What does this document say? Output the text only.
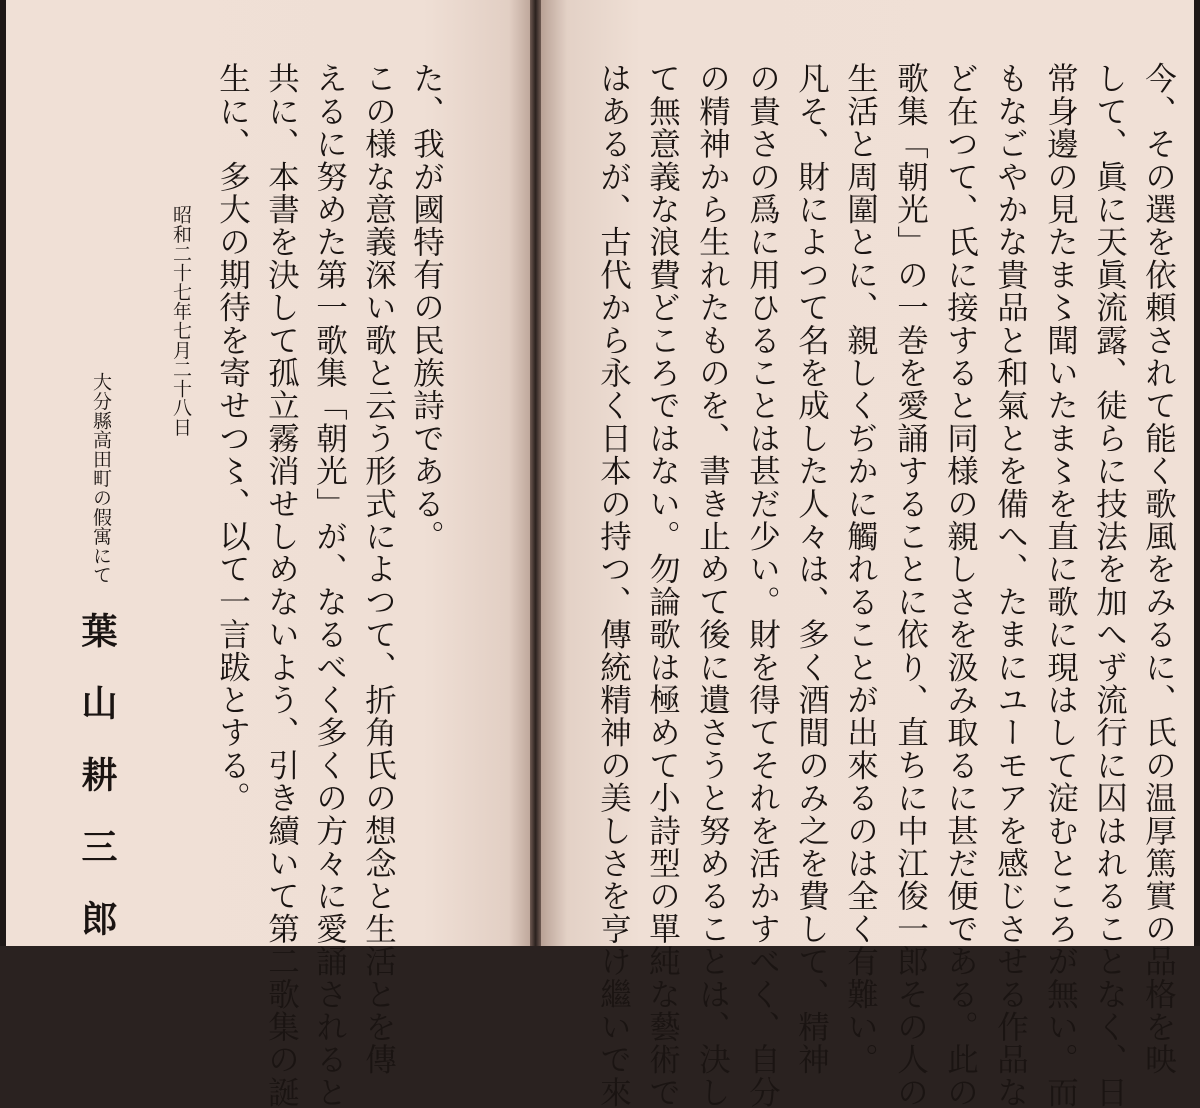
今、その選を依頼されて能く歌風をみるに、氏の温厚篤實の品格を映
して、眞に天眞流露、徒らに技法を加へず流行に囚はれることなく、日
常身邊の見たま〻聞いたま〻を直に歌に現はして淀むところが無い。而
もなごやかな貴品と和氣とを備へ、たまにユーモアを感じさせる作品な
ど在つて、氏に接すると同様の親しさを汲み取るに甚だ便である。此の
歌集「朝光」の一巻を愛誦することに依り、直ちに中江俊一郎その人の
生活と周圍とに、親しくぢかに觸れることが出來るのは全く有難い。
凡そ、財によつて名を成した人々は、多く酒間のみ之を費して、精神
の貴さの爲に用ひることは甚だ少い。財を得てそれを活かすべく、自分
の精神から生れたものを、書き止めて後に遺さうと努めることは、決し
て無意義な浪費どころではない。勿論歌は極めて小詩型の單純な藝術で
はあるが、古代から永く日本の持つ、傳統精神の美しさを亨け繼いで來
た、我が國特有の民族詩である。
この様な意義深い歌と云う形式によつて、折角氏の想念と生活とを傳
えるに努めた第一歌集「朝光」が、なるべく多くの方々に愛誦されると
共に、本書を決して孤立霧消せしめないよう、引き續いて第二歌集の誕
生に、多大の期待を寄せつ〻、以て一言跋とする。
昭和二十七年七月二十八日
大分縣高田町の假寓にて
葉山耕三郎
